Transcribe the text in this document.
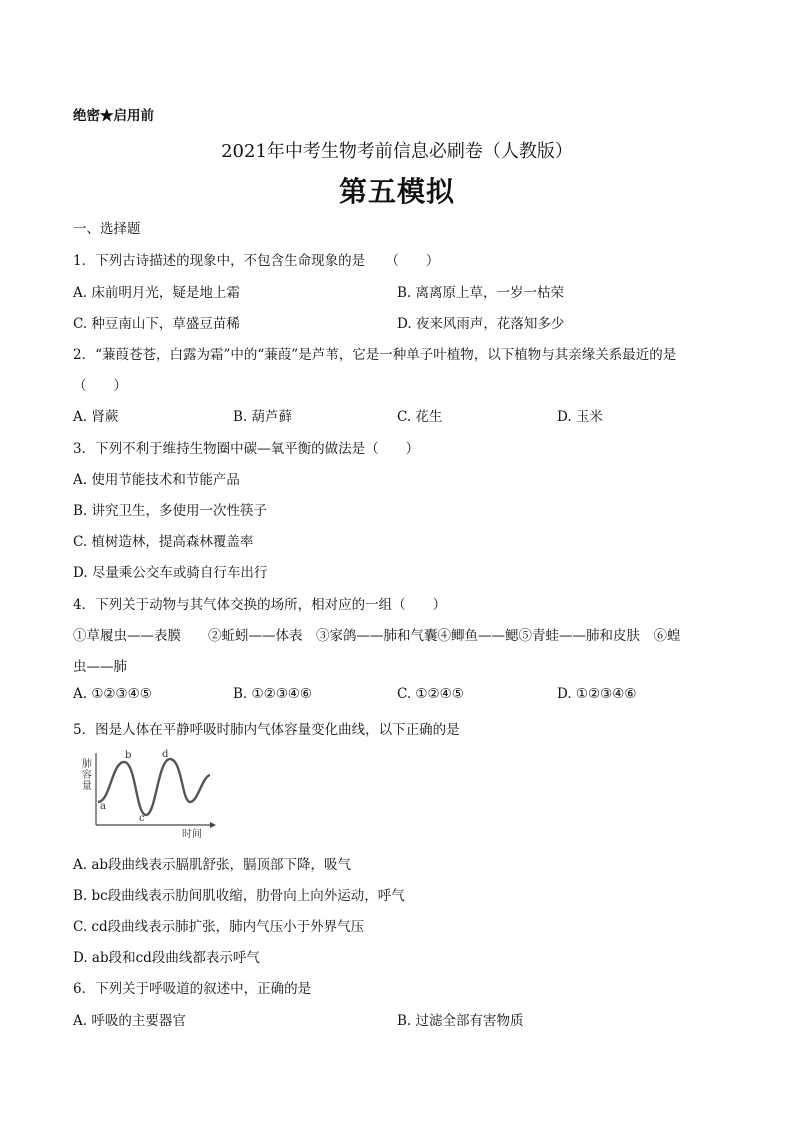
绝密★启用前
2021年中考生物考前信息必刷卷（人教版）
第五模拟
一、选择题
1．下列古诗描述的现象中，不包含生命现象的是　　（　　）
A. 床前明月光，疑是地上霜	B. 离离原上草，一岁一枯荣
C. 种豆南山下，草盛豆苗稀	D. 夜来风雨声，花落知多少
2．“蒹葭苍苍，白露为霜”中的“蒹葭”是芦苇，它是一种单子叶植物，以下植物与其亲缘关系最近的是
（　　）
A. 肾蕨	B. 葫芦藓	C. 花生	D. 玉米
3．下列不利于维持生物圈中碳—氧平衡的做法是（　　）
A. 使用节能技术和节能产品
B. 讲究卫生，多使用一次性筷子
C. 植树造林，提高森林覆盖率
D. 尽量乘公交车或骑自行车出行
4．下列关于动物与其气体交换的场所，相对应的一组（　　）
①草履虫——表膜　　②蚯蚓——体表　③家鸽——肺和气囊④鲫鱼——鳃⑤青蛙——肺和皮肤　⑥蝗
虫——肺
A. ①②③④⑤	B. ①②③④⑥	C. ①②④⑤	D. ①②③④⑥
5．图是人体在平静呼吸时肺内气体容量变化曲线，以下正确的是
肺
容
量
a
b
c
d
时间
A. ab段曲线表示膈肌舒张，膈顶部下降，吸气
B. bc段曲线表示肋间肌收缩，肋骨向上向外运动，呼气
C. cd段曲线表示肺扩张，肺内气压小于外界气压
D. ab段和cd段曲线都表示呼气
6．下列关于呼吸道的叙述中，正确的是
A. 呼吸的主要器官	B. 过滤全部有害物质
